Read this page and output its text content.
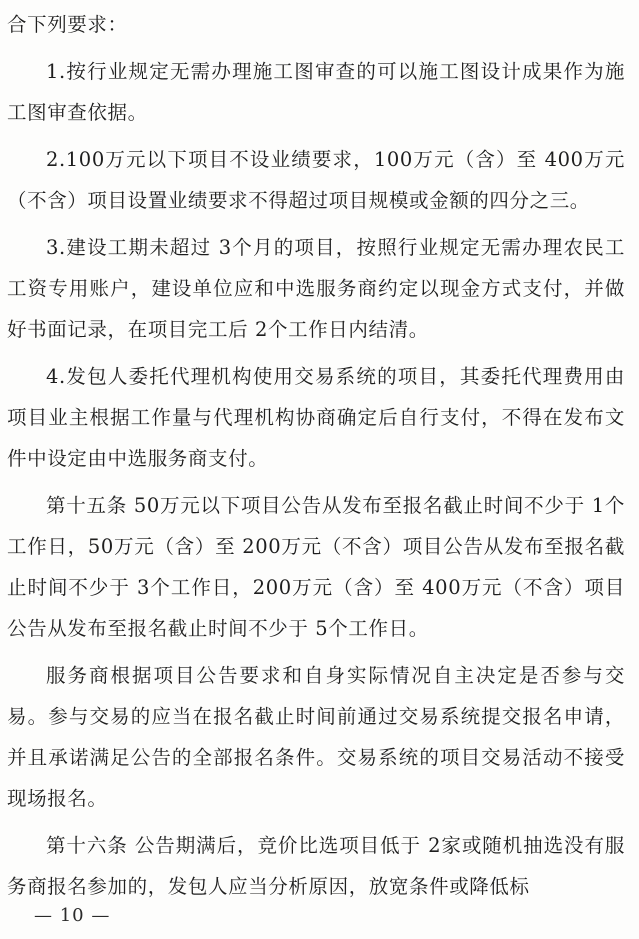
合下列要求：

1.按行业规定无需办理施工图审查的可以施工图设计成果作为施工图审查依据。

2.100万元以下项目不设业绩要求，100万元（含）至 400万元（不含）项目设置业绩要求不得超过项目规模或金额的四分之三。

3.建设工期未超过 3个月的项目，按照行业规定无需办理农民工工资专用账户，建设单位应和中选服务商约定以现金方式支付，并做好书面记录，在项目完工后 2个工作日内结清。

4.发包人委托代理机构使用交易系统的项目，其委托代理费用由项目业主根据工作量与代理机构协商确定后自行支付，不得在发布文件中设定由中选服务商支付。

第十五条 50万元以下项目公告从发布至报名截止时间不少于 1个工作日，50万元（含）至 200万元（不含）项目公告从发布至报名截止时间不少于 3个工作日，200万元（含）至 400万元（不含）项目公告从发布至报名截止时间不少于 5个工作日。

服务商根据项目公告要求和自身实际情况自主决定是否参与交易。参与交易的应当在报名截止时间前通过交易系统提交报名申请，并且承诺满足公告的全部报名条件。交易系统的项目交易活动不接受现场报名。

第十六条 公告期满后，竞价比选项目低于 2家或随机抽选没有服务商报名参加的，发包人应当分析原因，放宽条件或降低标

— 10 —
